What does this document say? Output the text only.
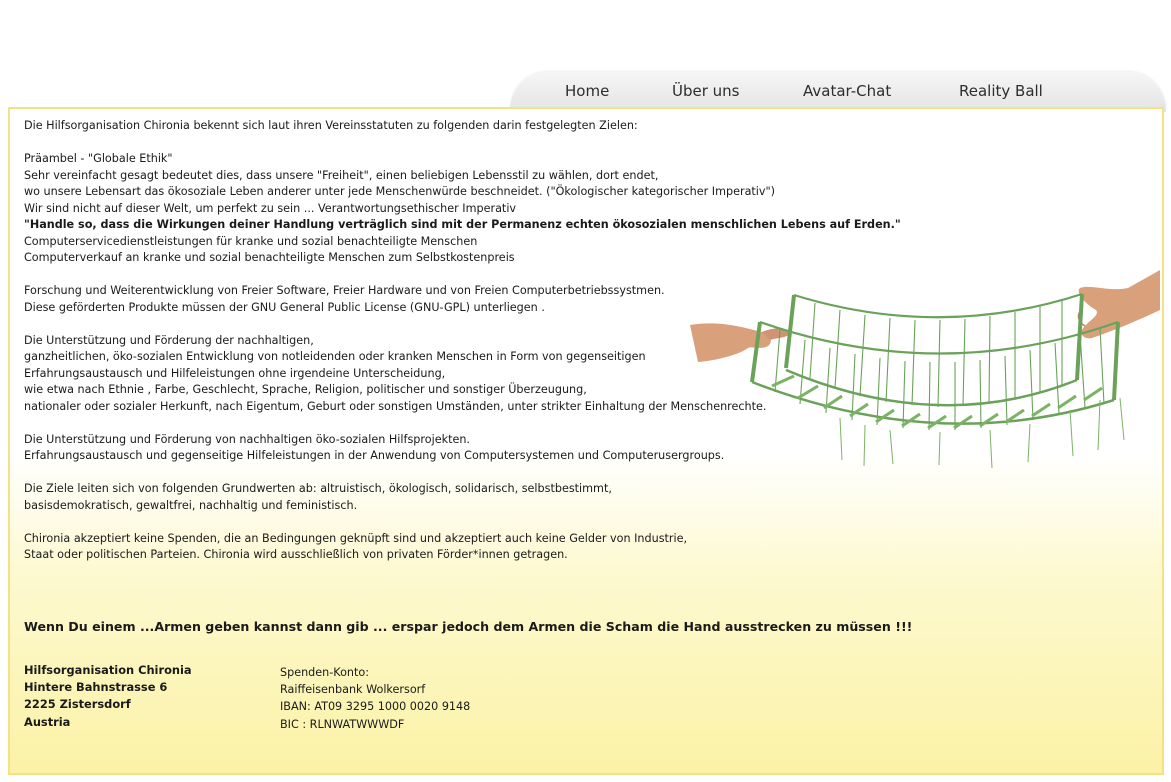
Home	Über uns	Avatar-Chat	Reality Ball

Die Hilfsorganisation Chironia bekennt sich laut ihren Vereinsstatuten zu folgenden darin festgelegten Zielen:

Präambel - "Globale Ethik"

Sehr vereinfacht gesagt bedeutet dies, dass unsere "Freiheit", einen beliebigen Lebensstil zu wählen, dort endet,

wo unsere Lebensart das ökosoziale Leben anderer unter jede Menschenwürde beschneidet. ("Ökologischer kategorischer Imperativ")

Wir sind nicht auf dieser Welt, um perfekt zu sein ... Verantwortungsethischer Imperativ

"Handle so, dass die Wirkungen deiner Handlung verträglich sind mit der Permanenz echten ökosozialen menschlichen Lebens auf Erden."

Computerservicedienstleistungen für kranke und sozial benachteiligte Menschen

Computerverkauf an kranke und sozial benachteiligte Menschen zum Selbstkostenpreis

Forschung und Weiterentwicklung von Freier Software, Freier Hardware und von Freien Computerbetriebssystmen.

Diese geförderten Produkte müssen der GNU General Public License (GNU-GPL) unterliegen .

Die Unterstützung und Förderung der nachhaltigen,

ganzheitlichen, öko-sozialen Entwicklung von notleidenden oder kranken Menschen in Form von gegenseitigen

Erfahrungsaustausch und Hilfeleistungen ohne irgendeine Unterscheidung,

wie etwa nach Ethnie , Farbe, Geschlecht, Sprache, Religion, politischer und sonstiger Überzeugung,

nationaler oder sozialer Herkunft, nach Eigentum, Geburt oder sonstigen Umständen, unter strikter Einhaltung der Menschenrechte.

Die Unterstützung und Förderung von nachhaltigen öko-sozialen Hilfsprojekten.

Erfahrungsaustausch und gegenseitige Hilfeleistungen in der Anwendung von Computersystemen und Computerusergroups.

Die Ziele leiten sich von folgenden Grundwerten ab: altruistisch, ökologisch, solidarisch, selbstbestimmt,

basisdemokratisch, gewaltfrei, nachhaltig und feministisch.

Chironia akzeptiert keine Spenden, die an Bedingungen geknüpft sind und akzeptiert auch keine Gelder von Industrie,

Staat oder politischen Parteien. Chironia wird ausschließlich von privaten Förder*innen getragen.

Wenn Du einem ...Armen geben kannst dann gib ... erspar jedoch dem Armen die Scham die Hand ausstrecken zu müssen !!!

Hilfsorganisation Chironia

Hintere Bahnstrasse 6

2225 Zistersdorf

Austria

Spenden-Konto:

Raiffeisenbank Wolkersorf

IBAN: AT09 3295 1000 0020 9148

BIC : RLNWATWWWDF
